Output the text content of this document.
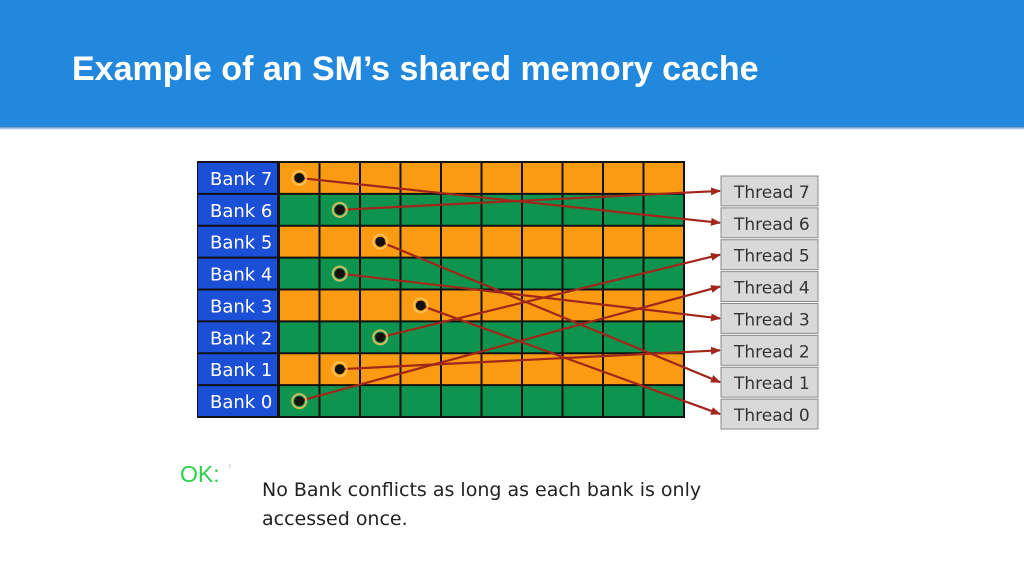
Example of an SM’s shared memory cache
Bank 7
Bank 6
Bank 5
Bank 4
Bank 3
Bank 2
Bank 1
Bank 0
Thread 7
Thread 6
Thread 5
Thread 4
Thread 3
Thread 2
Thread 1
Thread 0
OK: '
No Bank conflicts as long as each bank is only accessed once.
